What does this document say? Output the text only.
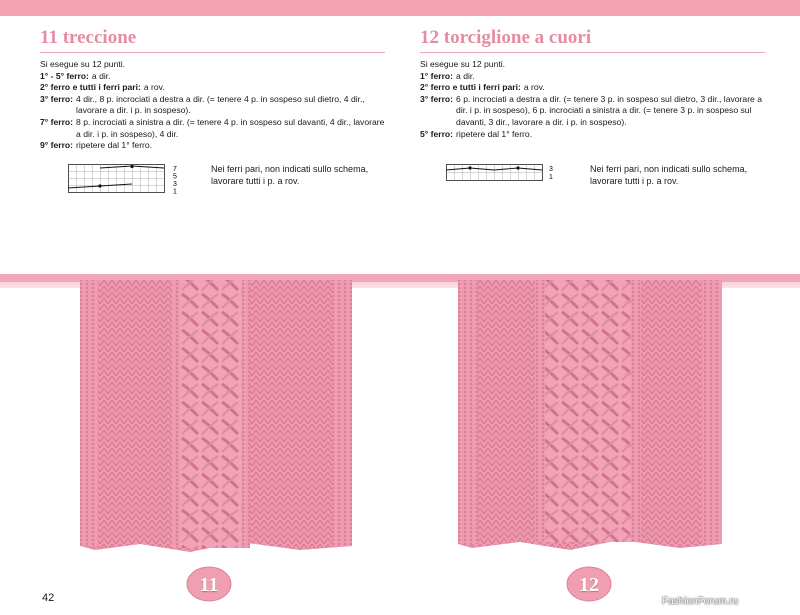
11 treccione

Si esegue su 12 punti.

1° - 5° ferro: a dir.
2° ferro e tutti i ferri pari: a rov.
3° ferro: 4 dir., 8 p. incrociati a destra a dir. (= tenere 4 p. in sospeso sul dietro, 4 dir., lavorare a dir. i p. in sospeso).
7° ferro: 8 p. incrociati a sinistra a dir. (= tenere 4 p. in sospeso sul davanti, 4 dir., lavorare a dir. i p. in sospeso), 4 dir.
9° ferro: ripetere dal 1° ferro.
7
5
3
1
Nei ferri pari, non indicati sullo schema, lavorare tutti i p. a rov.
12 torciglione a cuori

Si esegue su 12 punti.

1° ferro: a dir.
2° ferro e tutti i ferri pari: a rov.
3° ferro: 6 p. incrociati a destra a dir. (= tenere 3 p. in sospeso sul dietro, 3 dir., lavorare a dir. i p. in sospeso), 6 p. incrociati a sinistra a dir. (= tenere 3 p. in sospeso sul davanti, 3 dir., lavorare a dir. i p. in sospeso).
5° ferro: ripetere dal 1° ferro.
3
1
Nei ferri pari, non indicati sullo schema, lavorare tutti i p. a rov.
11	12
42	FashionForum.ru
